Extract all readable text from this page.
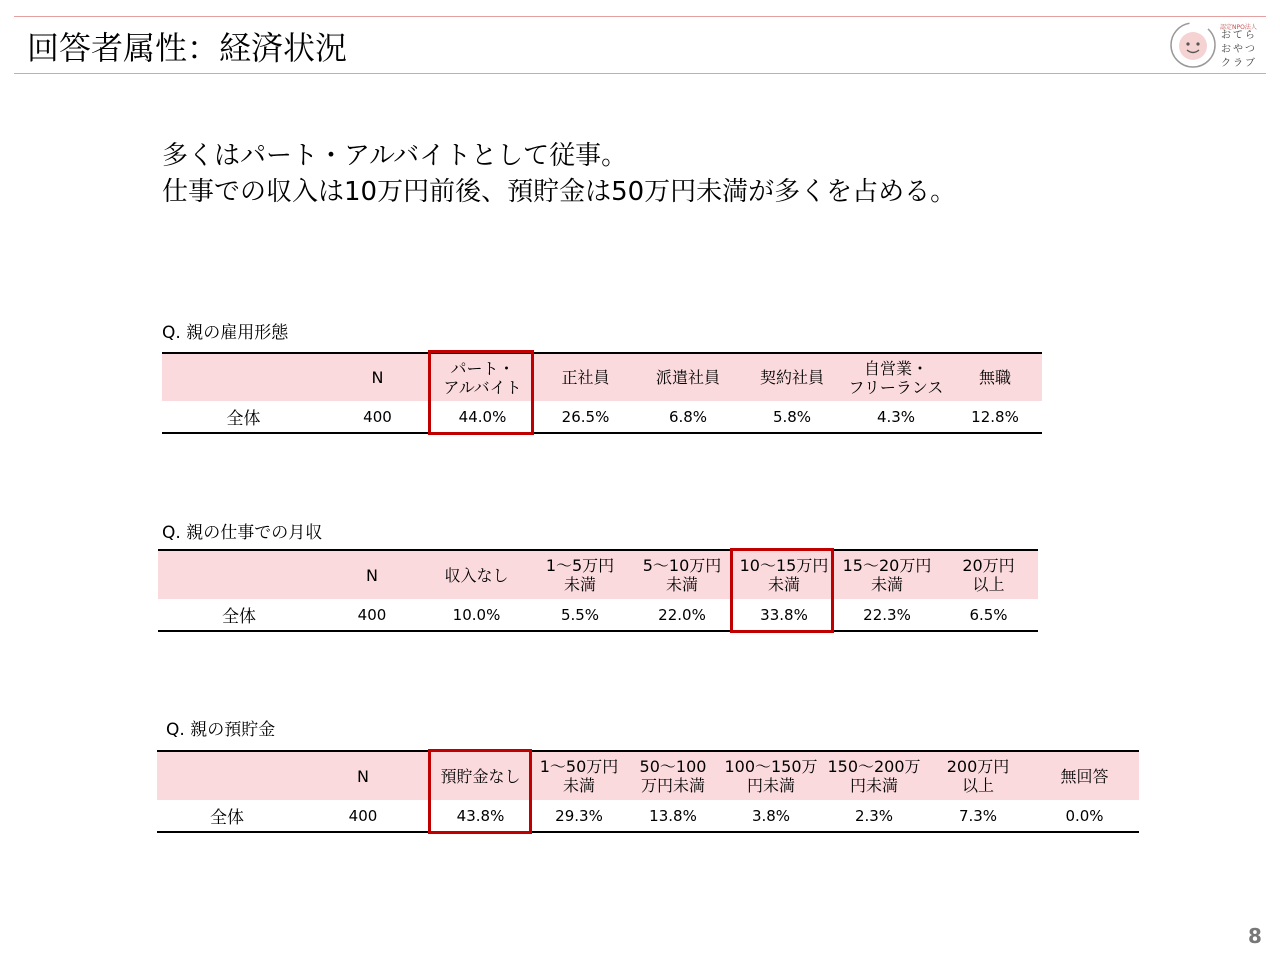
回答者属性：経済状況
認定NPO法人
おてら
おやつ
クラブ
多くはパート・アルバイトとして従事。
仕事での収入は10万円前後、預貯金は50万円未満が多くを占める。
Q. 親の雇用形態
	N	パート・
アルバイト	正社員	派遣社員	契約社員	自営業・
フリーランス	無職
全体	400	44.0%	26.5%	6.8%	5.8%	4.3%	12.8%
Q. 親の仕事での月収
	N	収入なし	1〜5万円
未満	5〜10万円
未満	10〜15万円
未満	15〜20万円
未満	20万円
以上
全体	400	10.0%	5.5%	22.0%	33.8%	22.3%	6.5%
Q. 親の預貯金
	N	預貯金なし	1〜50万円
未満	50〜100
万円未満	100〜150万
円未満	150〜200万
円未満	200万円
以上	無回答
全体	400	43.8%	29.3%	13.8%	3.8%	2.3%	7.3%	0.0%
8
